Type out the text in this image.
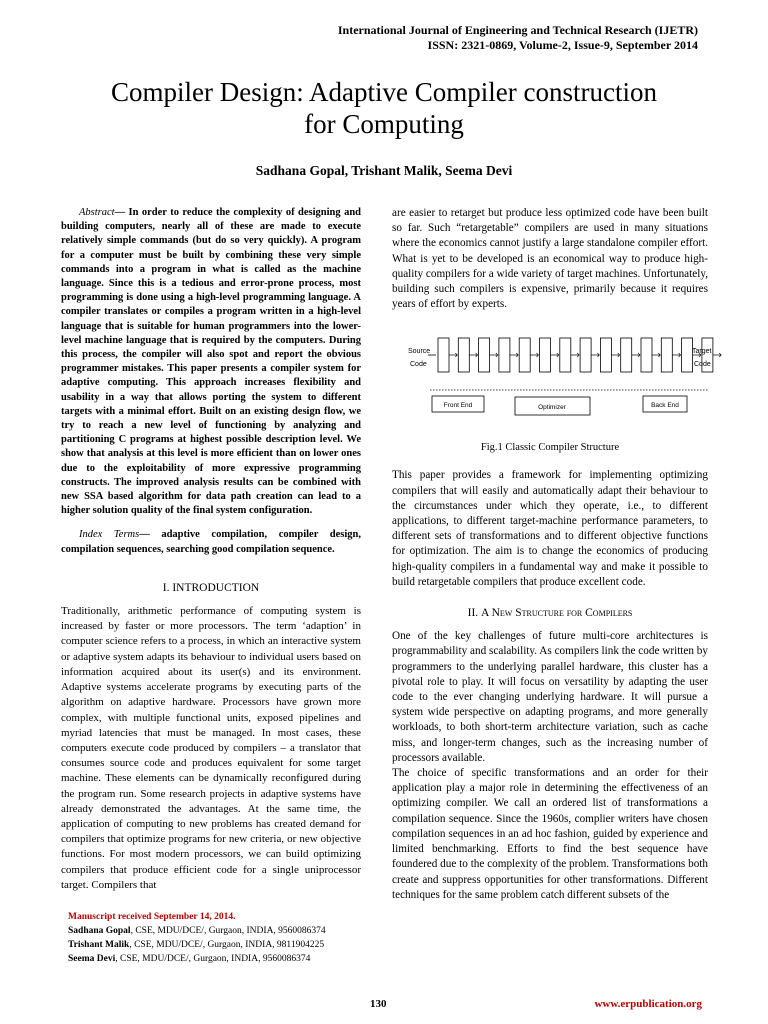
International Journal of Engineering and Technical Research (IJETR)
ISSN: 2321-0869, Volume-2, Issue-9, September 2014
Compiler Design: Adaptive Compiler construction
for Computing
Sadhana Gopal, Trishant Malik, Seema Devi

Abstract— In order to reduce the complexity of designing and building computers, nearly all of these are made to execute relatively simple commands (but do so very quickly). A program for a computer must be built by combining these very simple commands into a program in what is called as the machine language. Since this is a tedious and error-prone process, most programming is done using a high-level programming language. A compiler translates or compiles a program written in a high-level language that is suitable for human programmers into the lower-level machine language that is required by the computers. During this process, the compiler will also spot and report the obvious programmer mistakes. This paper presents a compiler system for adaptive computing. This approach increases flexibility and usability in a way that allows porting the system to different targets with a minimal effort. Built on an existing design flow, we try to reach a new level of functioning by analyzing and partitioning C programs at highest possible description level. We show that analysis at this level is more efficient than on lower ones due to the exploitability of more expressive programming constructs. The improved analysis results can be combined with new SSA based algorithm for data path creation can lead to a higher solution quality of the final system configuration.

Index Terms— adaptive compilation, compiler design, compilation sequences, searching good compilation sequence.

I. INTRODUCTION

Traditionally, arithmetic performance of computing system is increased by faster or more processors. The term ‘adaption’ in computer science refers to a process, in which an interactive system or adaptive system adapts its behaviour to individual users based on information acquired about its user(s) and its environment. Adaptive systems accelerate programs by executing parts of the algorithm on adaptive hardware. Processors have grown more complex, with multiple functional units, exposed pipelines and myriad latencies that must be managed. In most cases, these computers execute code produced by compilers – a translator that consumes source code and produces equivalent for some target machine. These elements can be dynamically reconfigured during the program run. Some research projects in adaptive systems have already demonstrated the advantages. At the same time, the application of computing to new problems has created demand for compilers that optimize programs for new criteria, or new objective functions. For most modern processors, we can build optimizing compilers that produce efficient code for a single uniprocessor target. Compilers that

are easier to retarget but produce less optimized code have been built so far. Such “retargetable” compilers are used in many situations where the economics cannot justify a large standalone compiler effort. What is yet to be developed is an economical way to produce high-quality compilers for a wide variety of target machines. Unfortunately, building such compilers is expensive, primarily because it requires years of effort by experts.

Source
Code
Target
Code
Front End	Optimizer	Back End
Fig.1 Classic Compiler Structure

This paper provides a framework for implementing optimizing compilers that will easily and automatically adapt their behaviour to the circumstances under which they operate, i.e., to different applications, to different target-machine performance parameters, to different sets of transformations and to different objective functions for optimization. The aim is to change the economics of producing high-quality compilers in a fundamental way and make it possible to build retargetable compilers that produce excellent code.

II. A New Structure for Compilers

One of the key challenges of future multi-core architectures is programmability and scalability. As compilers link the code written by programmers to the underlying parallel hardware, this cluster has a pivotal role to play. It will focus on versatility by adapting the user code to the ever changing underlying hardware. It will pursue a system wide perspective on adapting programs, and more generally workloads, to both short-term architecture variation, such as cache miss, and longer-term changes, such as the increasing number of processors available.

The choice of specific transformations and an order for their application play a major role in determining the effectiveness of an optimizing compiler. We call an ordered list of transformations a compilation sequence. Since the 1960s, complier writers have chosen compilation sequences in an ad hoc fashion, guided by experience and limited benchmarking. Efforts to find the best sequence have foundered due to the complexity of the problem. Transformations both create and suppress opportunities for other transformations. Different techniques for the same problem catch different subsets of the

Manuscript received September 14, 2014.
Sadhana Gopal, CSE, MDU/DCE/, Gurgaon, INDIA, 9560086374
Trishant Malik, CSE, MDU/DCE/, Gurgaon, INDIA, 9811904225
Seema Devi, CSE, MDU/DCE/, Gurgaon, INDIA, 9560086374
130	www.erpublication.org
